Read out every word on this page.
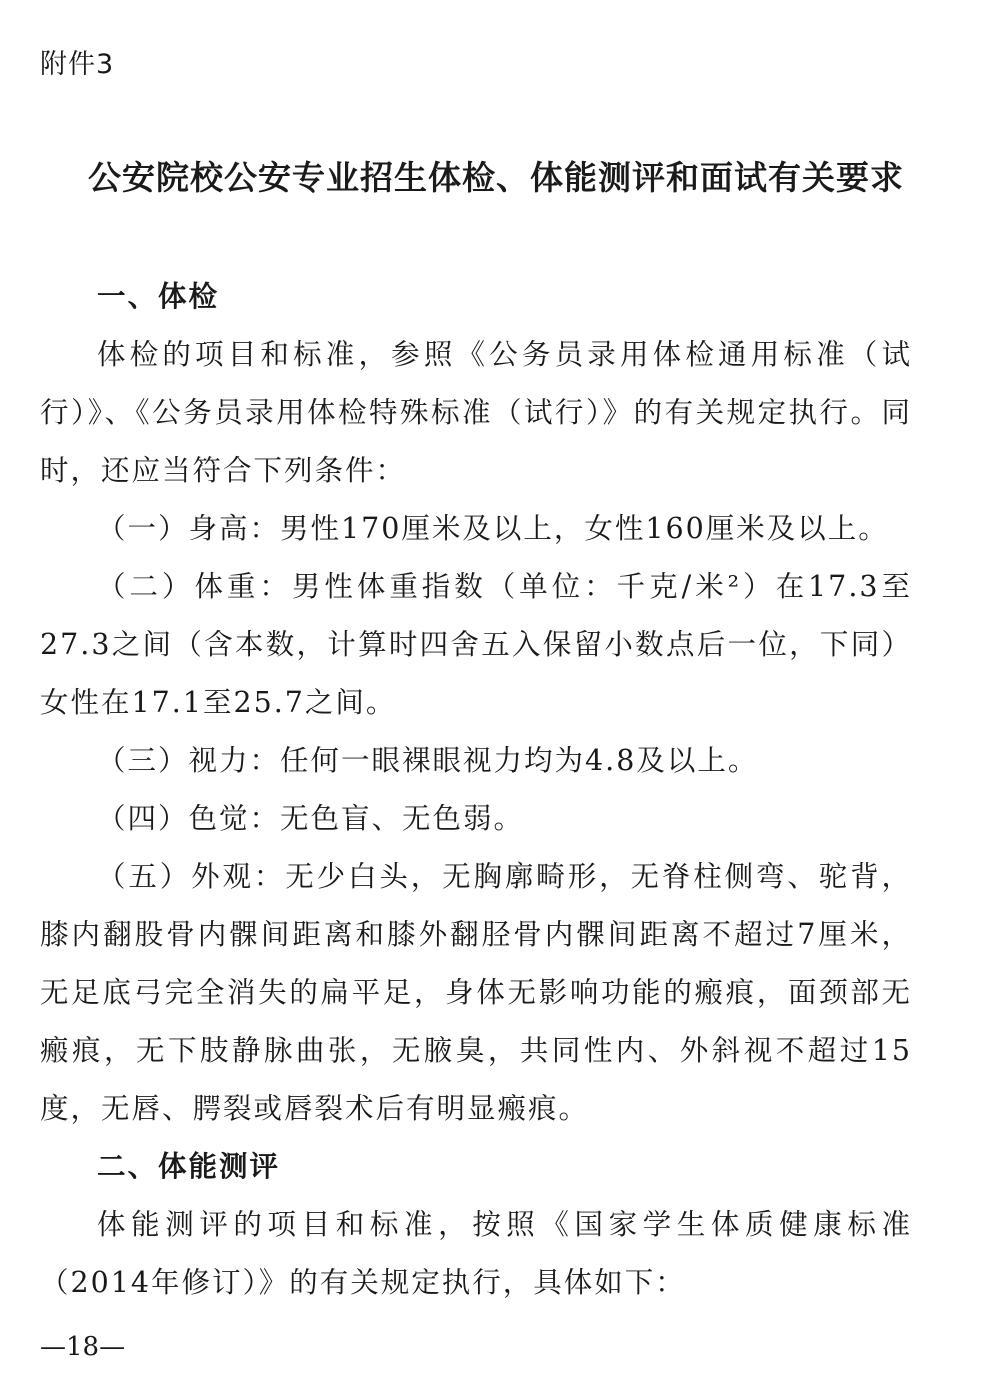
附件3
公安院校公安专业招生体检、体能测评和面试有关要求

一、体检

体检的项目和标准，参照《公务员录用体检通用标准（试行）》、《公务员录用体检特殊标准（试行）》的有关规定执行。同时，还应当符合下列条件：

（一）身高：男性170厘米及以上，女性160厘米及以上。

（二）体重：男性体重指数（单位：千克/米²）在17.3至27.3之间（含本数，计算时四舍五入保留小数点后一位，下同）女性在17.1至25.7之间。

（三）视力：任何一眼裸眼视力均为4.8及以上。

（四）色觉：无色盲、无色弱。

（五）外观：无少白头，无胸廓畸形，无脊柱侧弯、驼背，膝内翻股骨内髁间距离和膝外翻胫骨内髁间距离不超过7厘米，无足底弓完全消失的扁平足，身体无影响功能的瘢痕，面颈部无瘢痕，无下肢静脉曲张，无腋臭，共同性内、外斜视不超过15度，无唇、腭裂或唇裂术后有明显瘢痕。

二、体能测评

体能测评的项目和标准，按照《国家学生体质健康标准（2014年修订）》的有关规定执行，具体如下：

—18—
